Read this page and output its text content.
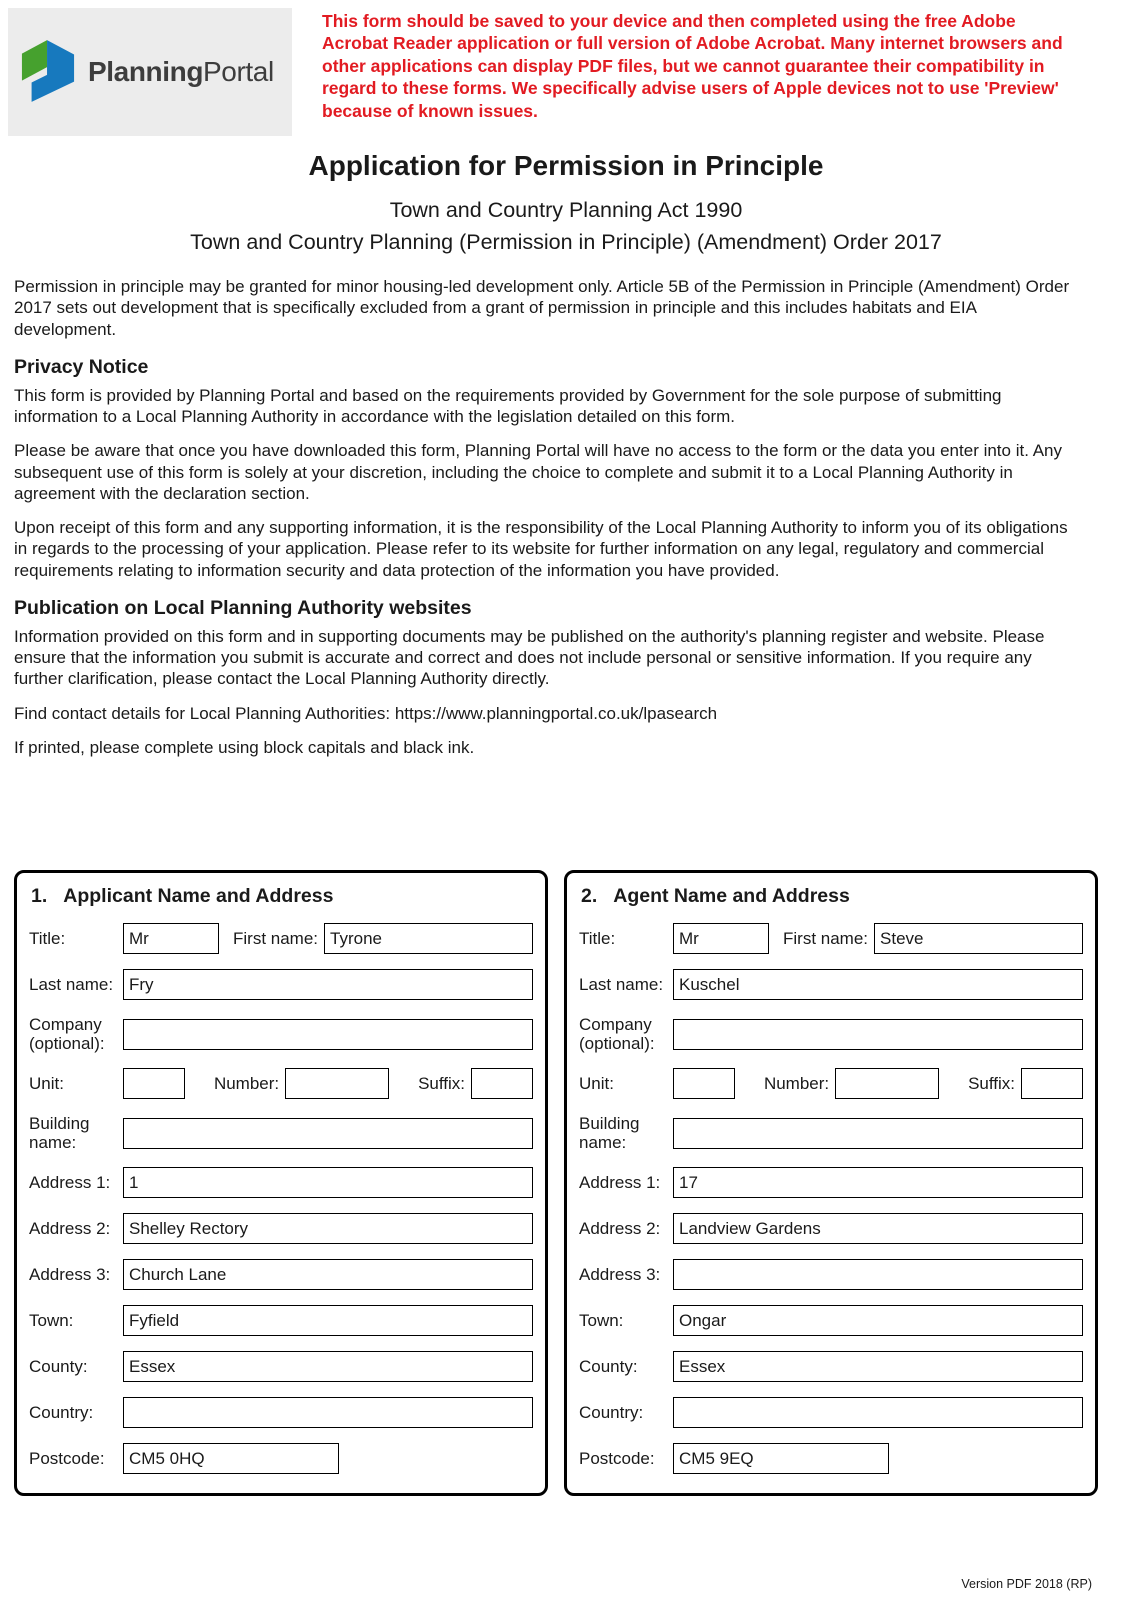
PlanningPortal
This form should be saved to your device and then completed using the free Adobe Acrobat Reader application or full version of Adobe Acrobat. Many internet browsers and other applications can display PDF files, but we cannot guarantee their compatibility in regard to these forms. We specifically advise users of Apple devices not to use 'Preview' because of known issues.
Application for Permission in Principle
Town and Country Planning Act 1990
Town and Country Planning (Permission in Principle) (Amendment) Order 2017

Permission in principle may be granted for minor housing-led development only. Article 5B of the Permission in Principle (Amendment) Order 2017 sets out development that is specifically excluded from a grant of permission in principle and this includes habitats and EIA development.

Privacy Notice

This form is provided by Planning Portal and based on the requirements provided by Government for the sole purpose of submitting information to a Local Planning Authority in accordance with the legislation detailed on this form.

Please be aware that once you have downloaded this form, Planning Portal will have no access to the form or the data you enter into it. Any subsequent use of this form is solely at your discretion, including the choice to complete and submit it to a Local Planning Authority in agreement with the declaration section.

Upon receipt of this form and any supporting information, it is the responsibility of the Local Planning Authority to inform you of its obligations in regards to the processing of your application. Please refer to its website for further information on any legal, regulatory and commercial requirements relating to information security and data protection of the information you have provided.

Publication on Local Planning Authority websites

Information provided on this form and in supporting documents may be published on the authority's planning register and website. Please ensure that the information you submit is accurate and correct and does not include personal or sensitive information. If you require any further clarification, please contact the Local Planning Authority directly.

Find contact details for Local Planning Authorities: https://www.planningportal.co.uk/lpasearch

If printed, please complete using block capitals and black ink.

1. Applicant Name and Address
Title:
Mr	First name:
Tyrone
Last name:
Fry
Company (optional):
Unit:	Number:	Suffix:
Building name:
Address 1:
1
Address 2:
Shelley Rectory
Address 3:
Church Lane
Town:
Fyfield
County:
Essex
Country:
Postcode:
CM5 0HQ
2. Agent Name and Address
Title:
Mr	First name:
Steve
Last name:
Kuschel
Company (optional):
Unit:	Number:	Suffix:
Building name:
Address 1:
17
Address 2:
Landview Gardens
Address 3:
Town:
Ongar
County:
Essex
Country:
Postcode:
CM5 9EQ
Version PDF 2018 (RP)
